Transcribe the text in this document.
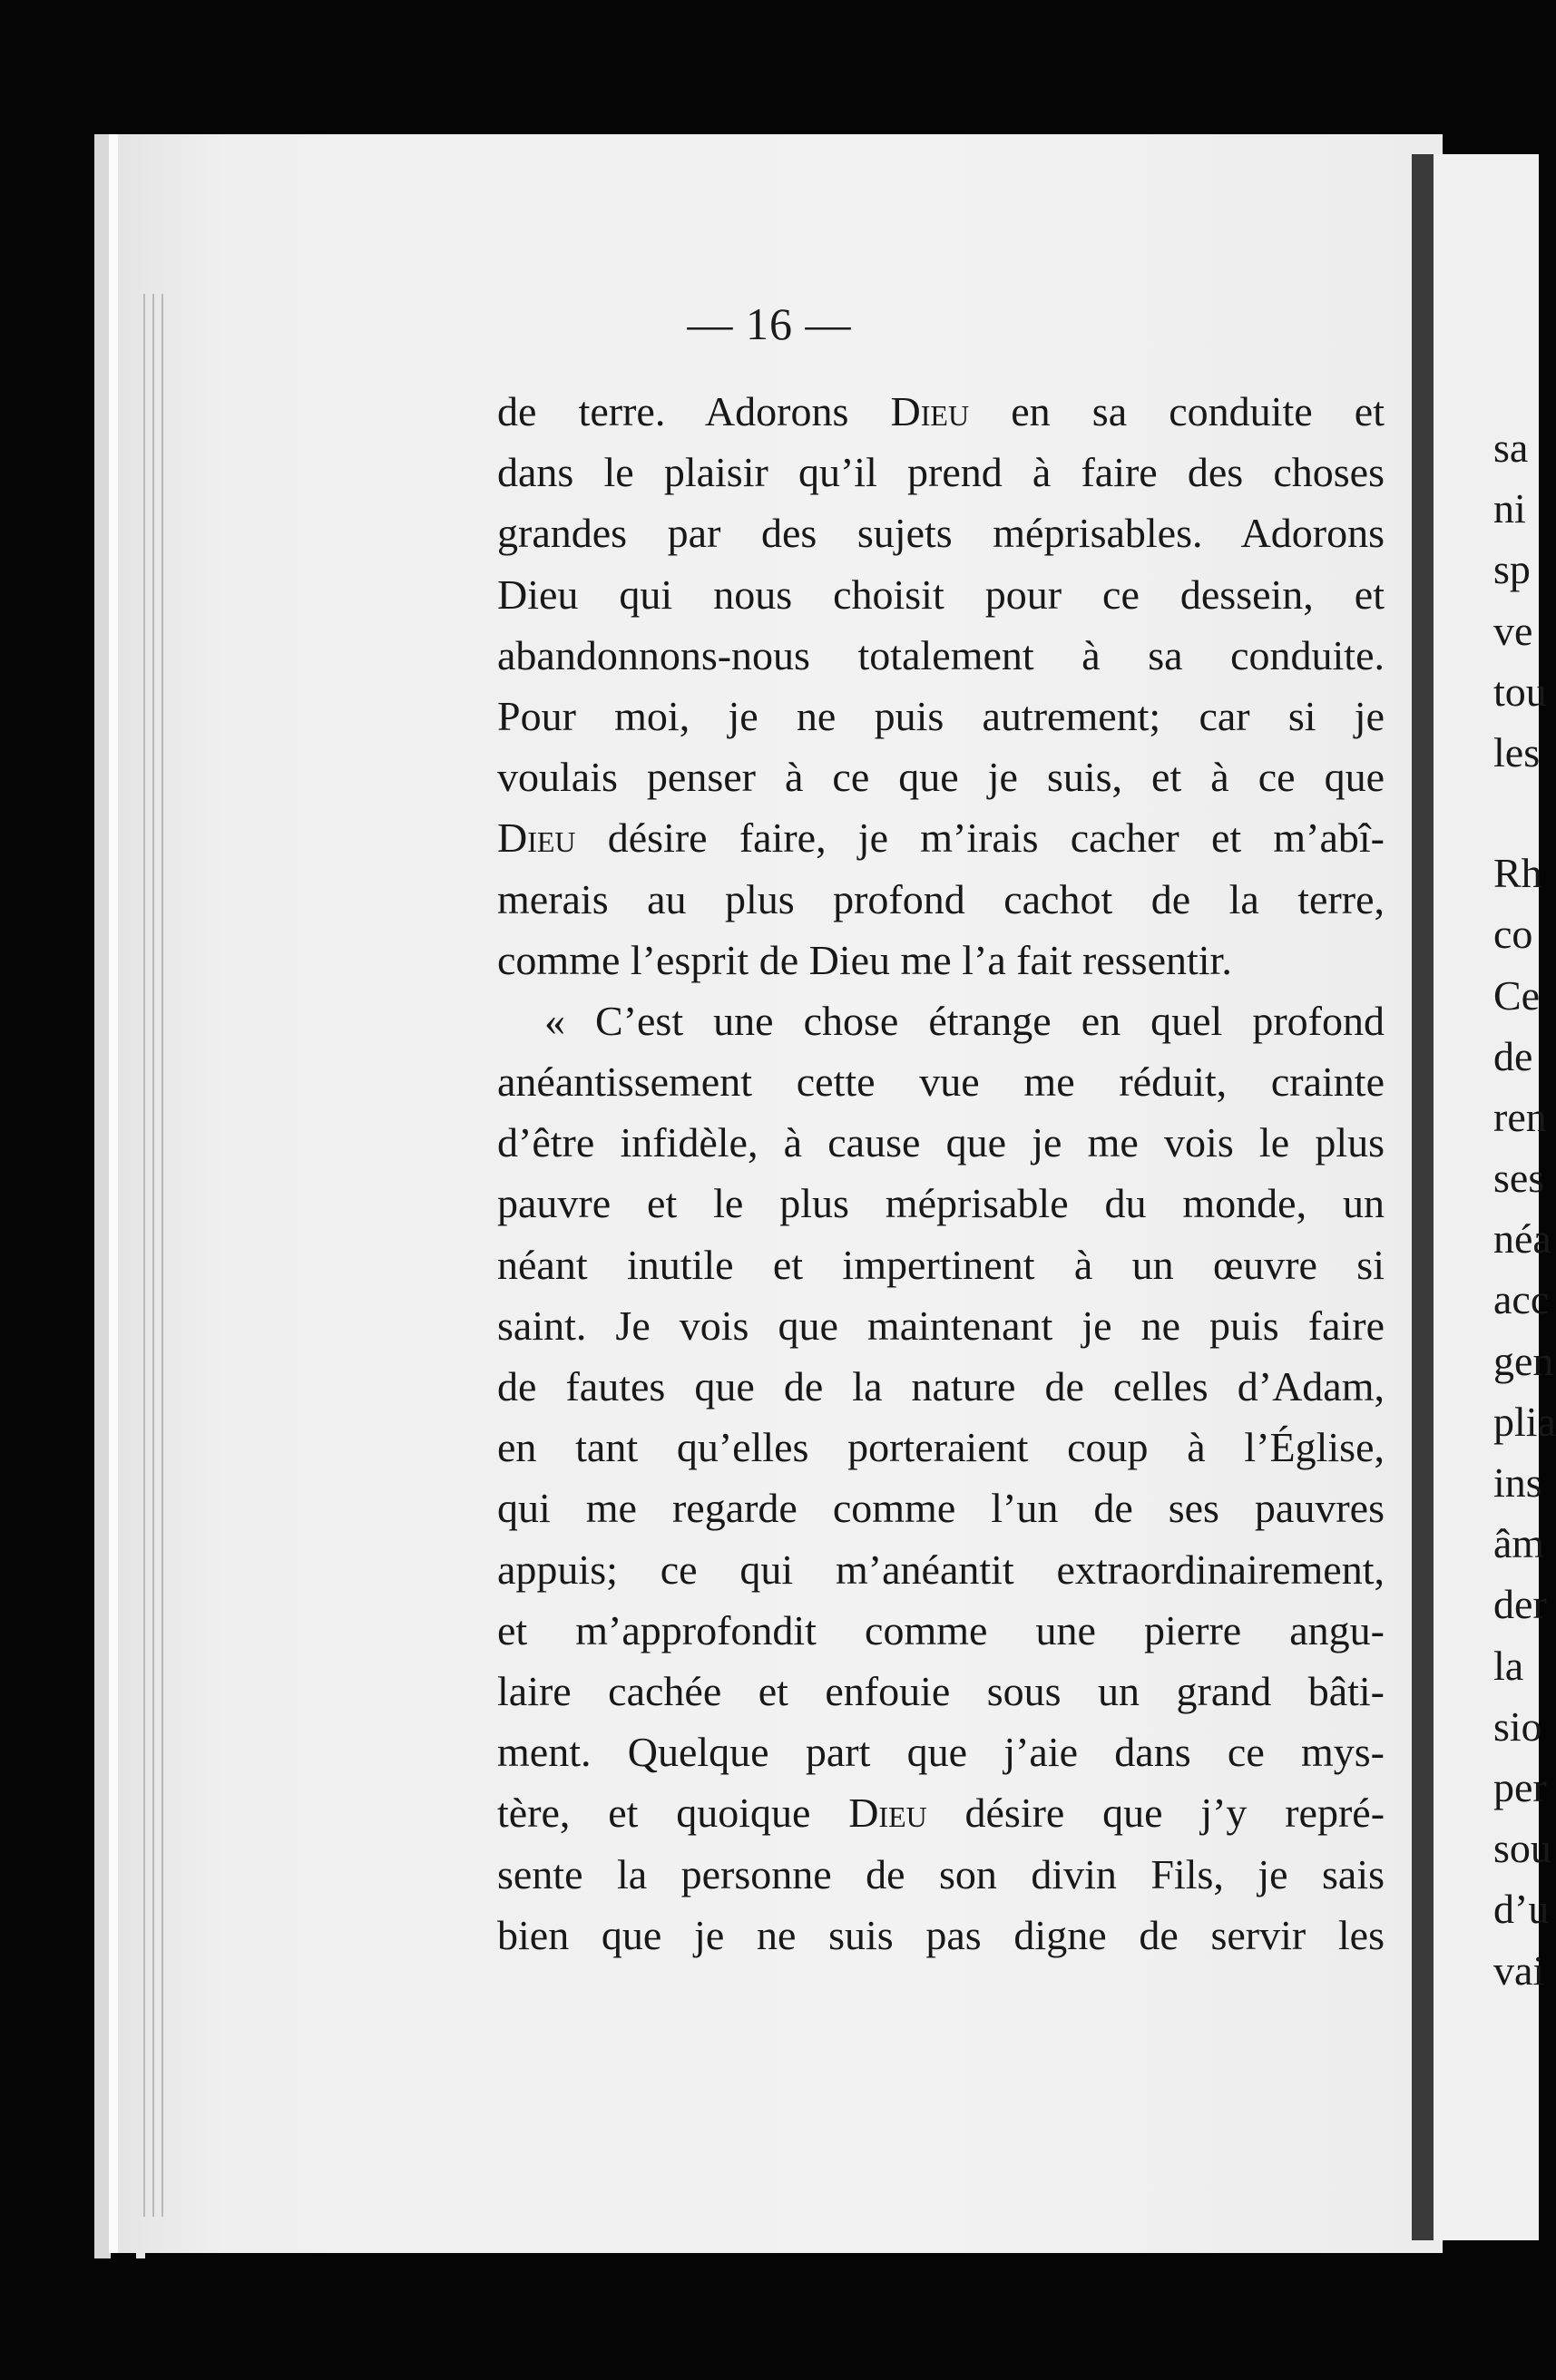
— 16 —
de terre. Adorons Dieu en sa conduite et
dans le plaisir qu’il prend à faire des choses
grandes par des sujets méprisables. Adorons
Dieu qui nous choisit pour ce dessein, et
abandonnons-nous totalement à sa conduite.
Pour moi, je ne puis autrement; car si je
voulais penser à ce que je suis, et à ce que
Dieu désire faire, je m’irais cacher et m’abî-
merais au plus profond cachot de la terre,
comme l’esprit de Dieu me l’a fait ressentir.
« C’est une chose étrange en quel profond
anéantissement cette vue me réduit, crainte
d’être infidèle, à cause que je me vois le plus
pauvre et le plus méprisable du monde, un
néant inutile et impertinent à un œuvre si
saint. Je vois que maintenant je ne puis faire
de fautes que de la nature de celles d’Adam,
en tant qu’elles porteraient coup à l’Église,
qui me regarde comme l’un de ses pauvres
appuis; ce qui m’anéantit extraordinairement,
et m’approfondit comme une pierre angu-
laire cachée et enfouie sous un grand bâti-
ment. Quelque part que j’aie dans ce mys-
tère, et quoique Dieu désire que j’y repré-
sente la personne de son divin Fils, je sais
bien que je ne suis pas digne de servir les
sa
ni
sp
ve
tou
les
Rh
co
Ce
de
ren
ses
néa
acc
gen
plia
ins
âm
der
la
sio
per
sou
d’u
vai
